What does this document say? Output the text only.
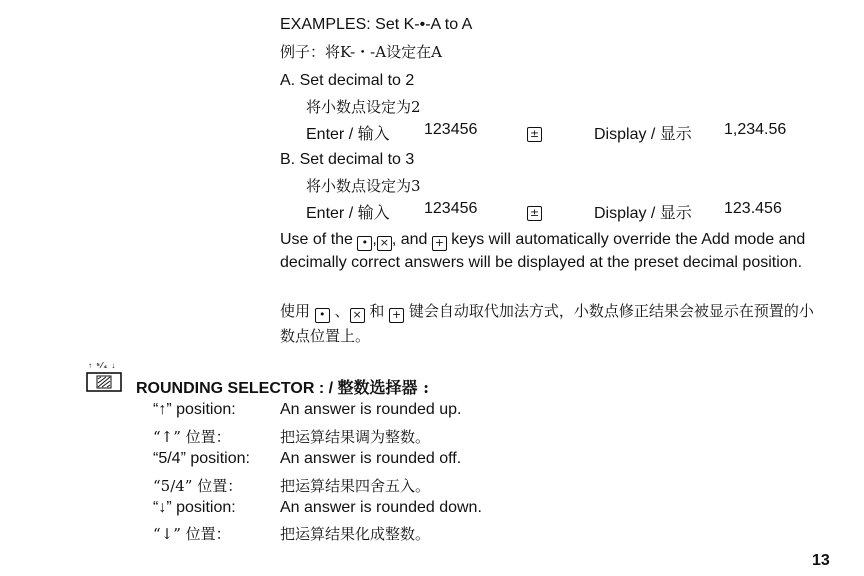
EXAMPLES: Set K-•-A to A
例子：将K-・-A设定在A
A. Set decimal to 2
将小数点设定为2
Enter / 输入 123456	±	Display / 显示 1,234.56
B. Set decimal to 3
将小数点设定为3
Enter / 输入 123456	±	Display / 显示 123.456
Use of the • , × , and + keys will automatically override the Add mode and decimally correct answers will be displayed at the preset decimal position.
使用 • 、 × 和 + 键会自动取代加法方式，小数点修正结果会被显示在预置的小数点位置上。
↑ ⁵⁄₄ ↓
ROUNDING SELECTOR : / 整数选择器 :
“↑” position:	An answer is rounded up.
“↑” 位置：	把运算结果调为整数。
“5/4” position: An answer is rounded off.
“5/4” 位置：	把运算结果四舍五入。
“↓” position:	An answer is rounded down.
“↓” 位置：	把运算结果化成整数。
13
